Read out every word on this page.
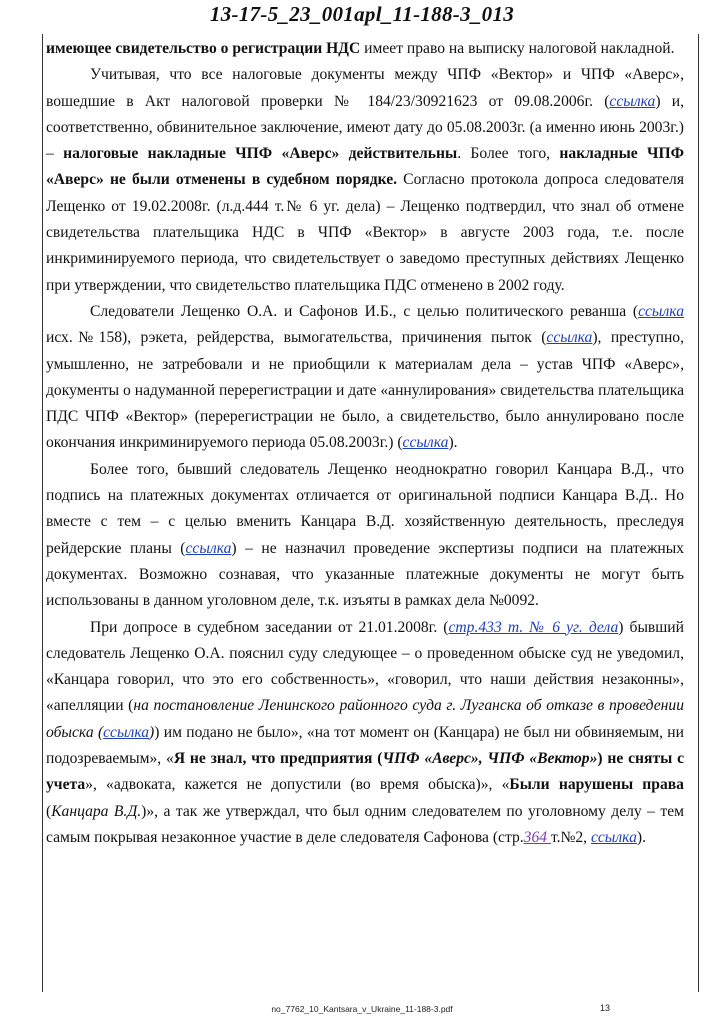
13-17-5_23_001apl_11-188-3_013

имеющее свидетельство о регистрации НДС имеет право на выписку налоговой накладной.

Учитывая, что все налоговые документы между ЧПФ «Вектор» и ЧПФ «Аверс», вошедшие в Акт налоговой проверки № 184/23/30921623 от 09.08.2006г. (ссылка) и, соответственно, обвинительное заключение, имеют дату до 05.08.2003г. (а именно июнь 2003г.) – налоговые накладные ЧПФ «Аверс» действительны. Более того, накладные ЧПФ «Аверс» не были отменены в судебном порядке. Согласно протокола допроса следователя Лещенко от 19.02.2008г. (л.д.444 т.№ 6 уг. дела) – Лещенко подтвердил, что знал об отмене свидетельства плательщика НДС в ЧПФ «Вектор» в августе 2003 года, т.е. после инкриминируемого периода, что свидетельствует о заведомо преступных действиях Лещенко при утверждении, что свидетельство плательщика ПДС отменено в 2002 году.

Следователи Лещенко О.А. и Сафонов И.Б., с целью политического реванша (ссылка исх.№158), рэкета, рейдерства, вымогательства, причинения пыток (ссылка), преступно, умышленно, не затребовали и не приобщили к материалам дела – устав ЧПФ «Аверс», документы о надуманной перерегистрации и дате «аннулирования» свидетельства плательщика ПДС ЧПФ «Вектор» (перерегистрации не было, а свидетельство, было аннулировано после окончания инкриминируемого периода 05.08.2003г.) (ссылка).

Более того, бывший следователь Лещенко неоднократно говорил Канцара В.Д., что подпись на платежных документах отличается от оригинальной подписи Канцара В.Д.. Но вместе с тем – с целью вменить Канцара В.Д. хозяйственную деятельность, преследуя рейдерские планы (ссылка) – не назначил проведение экспертизы подписи на платежных документах. Возможно сознавая, что указанные платежные документы не могут быть использованы в данном уголовном деле, т.к. изъяты в рамках дела №0092.

При допросе в судебном заседании от 21.01.2008г. (стр.433 т. № 6 уг. дела) бывший следователь Лещенко О.А. пояснил суду следующее – о проведенном обыске суд не уведомил, «Канцара говорил, что это его собственность», «говорил, что наши действия незаконны», «апелляции (на постановление Ленинского районного суда г. Луганска об отказе в проведении обыска (ссылка)) им подано не было», «на тот момент он (Канцара) не был ни обвиняемым, ни подозреваемым», «Я не знал, что предприятия (ЧПФ «Аверс», ЧПФ «Вектор») не сняты с учета», «адвоката, кажется не допустили (во время обыска)», «Были нарушены права (Канцара В.Д.)», а так же утверждал, что был одним следователем по уголовному делу – тем самым покрывая незаконное участие в деле следователя Сафонова (стр.364 т.№2, ссылка).

no_7762_10_Kantsara_v_Ukraine_11-188-3.pdf	13
